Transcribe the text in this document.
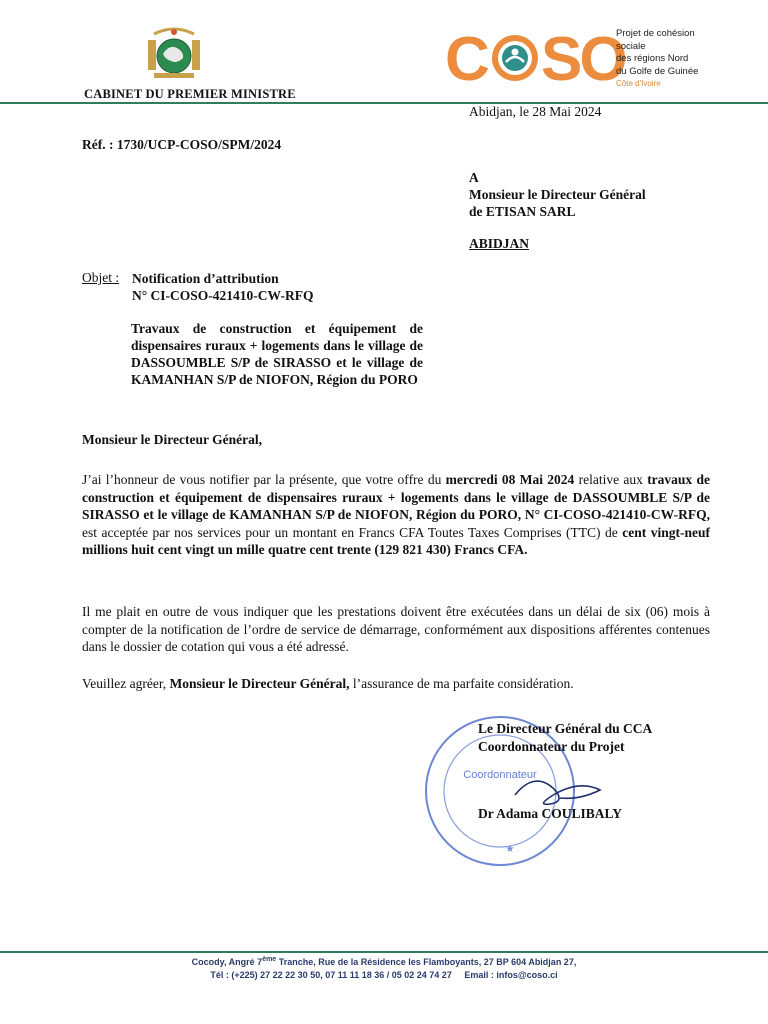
CABINET DU PREMIER MINISTRE C SO
Projet de cohésion sociale
des régions Nord
du Golfe de Guinée
Côte d'Ivoire
Abidjan, le 28 Mai 2024
Réf. : 1730/UCP-COSO/SPM/2024
A
Monsieur le Directeur Général
de ETISAN SARL
ABIDJAN
Objet : Notification d’attribution
N° CI-COSO-421410-CW-RFQ
Travaux de construction et équipement de dispensaires ruraux + logements dans le village de DASSOUMBLE S/P de SIRASSO et le village de KAMANHAN S/P de NIOFON, Région du PORO
Monsieur le Directeur Général,
J’ai l’honneur de vous notifier par la présente, que votre offre du mercredi 08 Mai 2024 relative aux travaux de construction et équipement de dispensaires ruraux + logements dans le village de DASSOUMBLE S/P de SIRASSO et le village de KAMANHAN S/P de NIOFON, Région du PORO, N° CI-COSO-421410-CW-RFQ, est acceptée par nos services pour un montant en Francs CFA Toutes Taxes Comprises (TTC) de cent vingt-neuf millions huit cent vingt un mille quatre cent trente (129 821 430) Francs CFA.
Il me plait en outre de vous indiquer que les prestations doivent être exécutées dans un délai de six (06) mois à compter de la notification de l’ordre de service de démarrage, conformément aux dispositions afférentes contenues dans le dossier de cotation qui vous a été adressé.
Veuillez agréer, Monsieur le Directeur Général, l’assurance de ma parfaite considération.
Coordonnateur
★
Le Directeur Général du CCA
Coordonnateur du Projet
Dr Adama COULIBALY
Cocody, Angré 7ème Tranche, Rue de la Résidence les Flamboyants, 27 BP 604 Abidjan 27,
Tél : (+225) 27 22 22 30 50, 07 11 11 18 36 / 05 02 24 74 27     Email : infos@coso.ci
